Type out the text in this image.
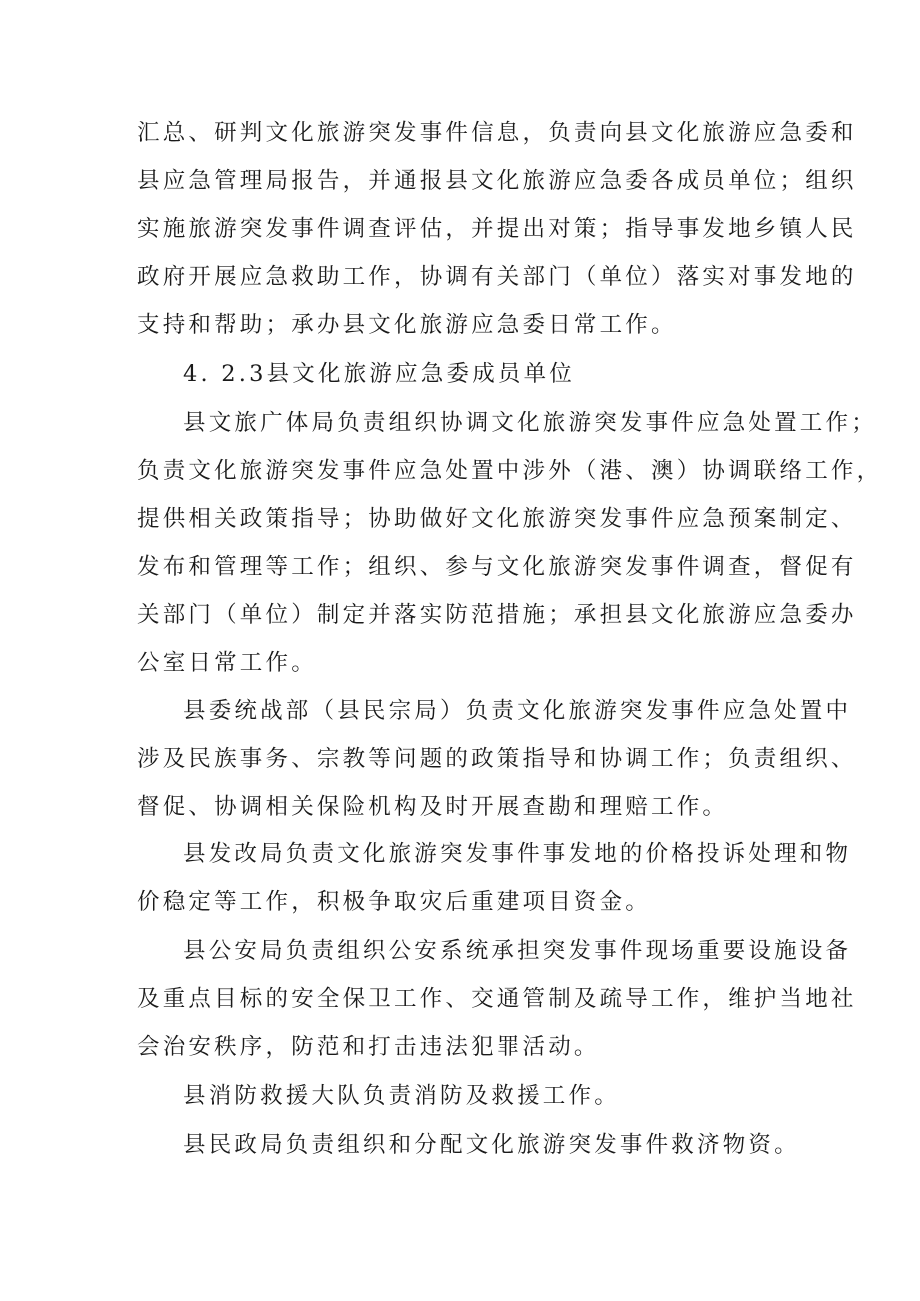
汇总、研判文化旅游突发事件信息，负责向县文化旅游应急委和
县应急管理局报告，并通报县文化旅游应急委各成员单位；组织
实施旅游突发事件调查评估，并提出对策；指导事发地乡镇人民
政府开展应急救助工作，协调有关部门（单位）落实对事发地的
支持和帮助；承办县文化旅游应急委日常工作。
4. 2.3县文化旅游应急委成员单位
县文旅广体局负责组织协调文化旅游突发事件应急处置工作；
负责文化旅游突发事件应急处置中涉外（港、澳）协调联络工作，
提供相关政策指导；协助做好文化旅游突发事件应急预案制定、
发布和管理等工作；组织、参与文化旅游突发事件调查，督促有
关部门（单位）制定并落实防范措施；承担县文化旅游应急委办
公室日常工作。
县委统战部（县民宗局）负责文化旅游突发事件应急处置中
涉及民族事务、宗教等问题的政策指导和协调工作；负责组织、
督促、协调相关保险机构及时开展查勘和理赔工作。
县发改局负责文化旅游突发事件事发地的价格投诉处理和物
价稳定等工作，积极争取灾后重建项目资金。
县公安局负责组织公安系统承担突发事件现场重要设施设备
及重点目标的安全保卫工作、交通管制及疏导工作，维护当地社
会治安秩序，防范和打击违法犯罪活动。
县消防救援大队负责消防及救援工作。
县民政局负责组织和分配文化旅游突发事件救济物资。
